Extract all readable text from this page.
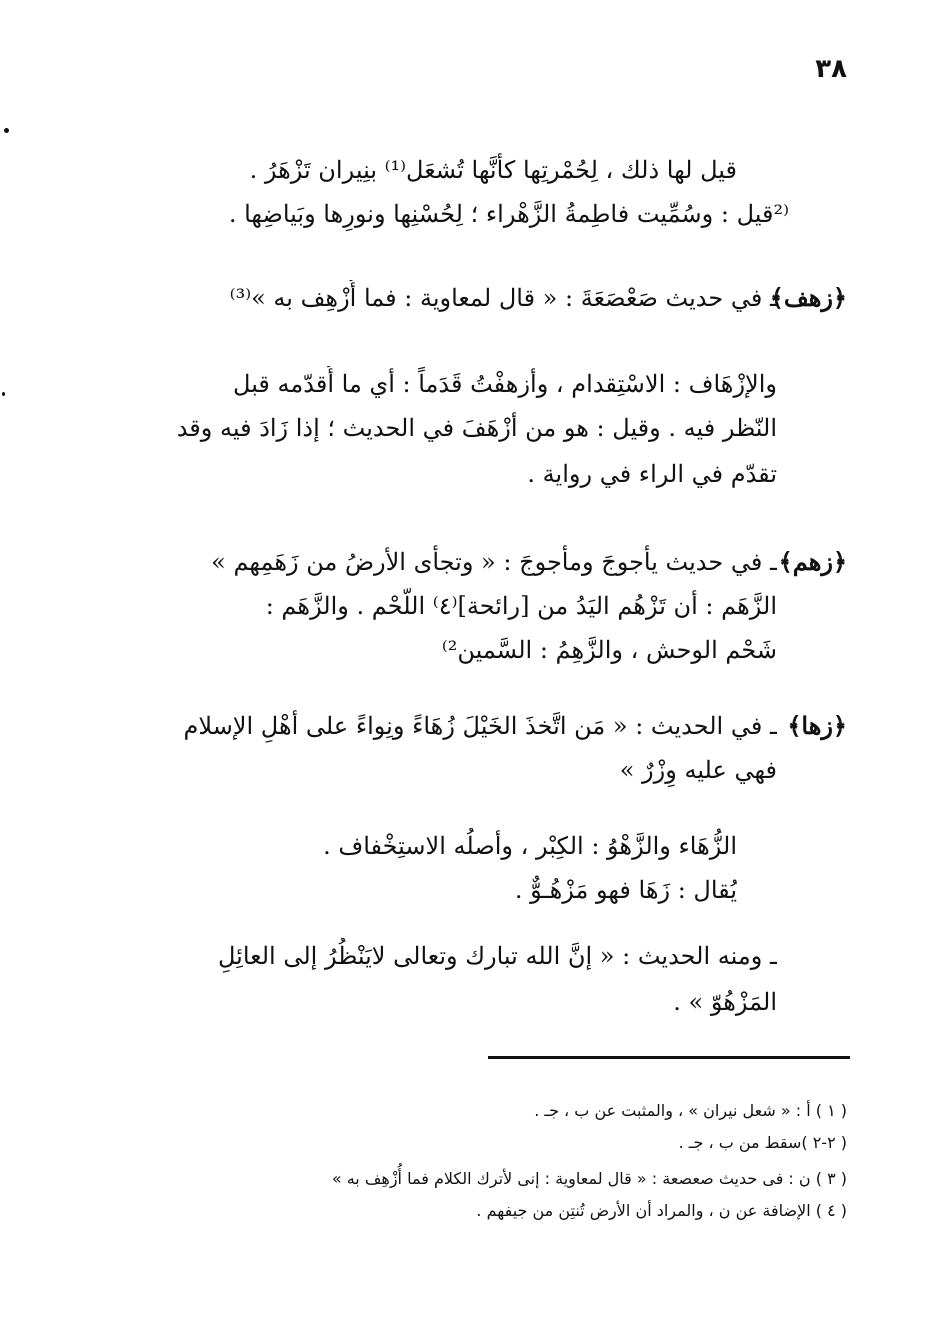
٣٨
قيل لها ذلك ، لِحُمْرتِها كأنَّها تُشعَل⁽¹⁾ بنِيران تَزْهَرُ .
⁽²قيل : وسُمِّيت فاطِمةُ الزَّهْراء ؛ لِحُسْنِها ونورِها وبَياضِها .
﴿زهف﴾
ـ في حديث صَعْصَعَةَ : « قال لمعاوية : فما أُزْهِف به »⁽³⁾
والإزْهَاف : الاسْتِقدام ، وأزهفْتُ قَدَماً : أي ما أُقدّمه قبل
النّظر فيه . وقيل : هو من أزْهَفَ في الحديث ؛ إذا زَادَ فيه وقد
تقدّم في الراء في رواية .
﴿زهم﴾
ـ في حديث يأجوجَ ومأجوجَ : « وتجأى الأرضُ من زَهَمِهم »
الزَّهَم : أن تَزْهُم اليَدُ من [رائحة]⁽٤⁾ اللّحْم . والزَّهَم :
شَحْم الوحش ، والزَّهِمُ : السَّمين²⁾
﴿زها﴾
ـ في الحديث : « مَن اتَّخذَ الخَيْلَ زُهَاءً ونِواءً على أهْلِ الإسلام
فهي عليه وِزْرٌ »
الزُّهَاء والزَّهْوُ : الكِبْر ، وأصلُه الاستِخْفاف .
يُقال : زَهَا فهو مَزْهُـوٌّ .
ـ ومنه الحديث : « إنَّ الله تبارك وتعالى لايَنْظُرُ إلى العائِلِ
المَزْهُوّ » .
( ١ ) أ : « شعل نيران » ، والمثبت عن ب ، جـ .
( ٢-٢ )سقط من ب ، جـ .
( ٣ ) ن : فى حديث صعصعة : « قال لمعاوية : إنى لأترك الكلام فما أُزْهِف به »
( ٤ ) الإضافة عن ن ، والمراد أن الأرض تُنتِن من جيفهم .
